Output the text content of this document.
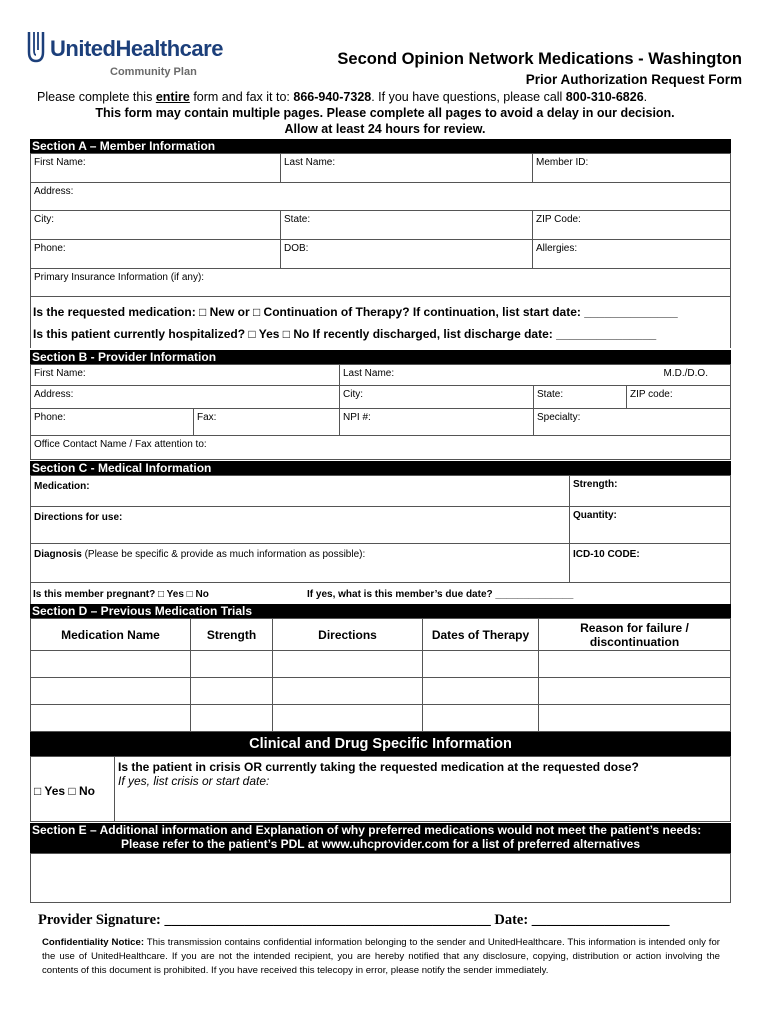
UnitedHealthcare
Community Plan
Second Opinion Network Medications - Washington
Prior Authorization Request Form
Please complete this entire form and fax it to: 866-940-7328. If you have questions, please call 800-310-6826.
This form may contain multiple pages. Please complete all pages to avoid a delay in our decision.
Allow at least 24 hours for review.
Section A – Member Information
First Name:	Last Name:	Member ID:
Address:
City:	State:	ZIP Code:
Phone:	DOB:	Allergies:
Primary Insurance Information (if any):
Is the requested medication: □ New or □ Continuation of Therapy? If continuation, list start date: ______________
Is this patient currently hospitalized? □ Yes □ No If recently discharged, list discharge date: _______________
Section B - Provider Information
First Name:	Last Name:	M.D./D.O.
Address:	City:	State:	ZIP code:
Phone:	Fax:	NPI #:	Specialty:
Office Contact Name / Fax attention to:
Section C - Medical Information
Medication:	Strength:
Directions for use:	Quantity:
Diagnosis (Please be specific & provide as much information as possible):	ICD-10 CODE:
Is this member pregnant? □ Yes □ No	If yes, what is this member’s due date? ______________
Section D – Previous Medication Trials
Medication Name	Strength	Directions	Dates of Therapy	Reason for failure / discontinuation

Clinical and Drug Specific Information
□ Yes □ No
Is the patient in crisis OR currently taking the requested medication at the requested dose?
If yes, list crisis or start date:
Section E – Additional information and Explanation of why preferred medications would not meet the patient’s needs:
Please refer to the patient’s PDL at www.uhcprovider.com for a list of preferred alternatives
Provider Signature: _____________________________________________ Date: ___________________
Confidentiality Notice: This transmission contains confidential information belonging to the sender and UnitedHealthcare. This information is intended only for the use of UnitedHealthcare. If you are not the intended recipient, you are hereby notified that any disclosure, copying, distribution or action involving the contents of this document is prohibited. If you have received this telecopy in error, please notify the sender immediately.
